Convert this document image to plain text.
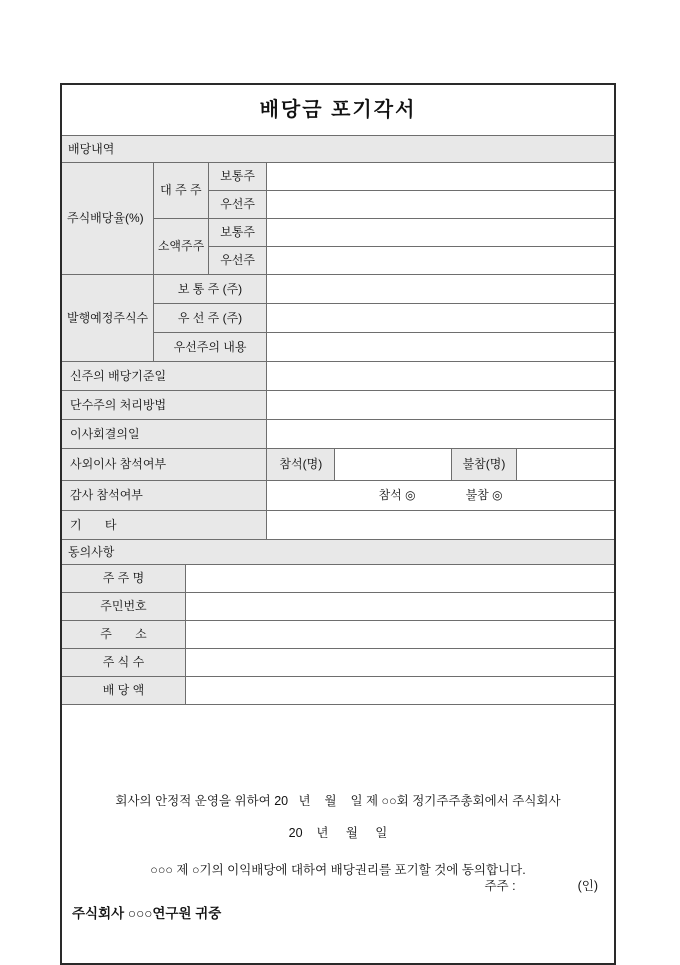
배당금 포기각서							
배당내역							
주식배당율(%)	대 주 주		보통주				
			우선주				
	소액주주		보통주				
			우선주				
발행예정주식수	보 통 주 (주)						
	우 선 주 (주)						
	우선주의 내용						
신주의 배당기준일							
단수주의 처리방법							
이사회결의일							
사외이사 참석여부				참석(명)		불참(명)	
감사 참석여부				참석 ◎ 불참 ◎			
기       타							
동의사항							
주 주 명							
주민번호							
주       소							
주 식 수							
배 당 액							

회사의 안정적 운영을 위하여 20   년    월    일 제 ○○회 정기주주총회에서 주식회사

○○○ 제 ○기의 이익배당에 대하여 배당권리를 포기할 것에 동의합니다.

20    년     월     일

주주 : (인)

주식회사 ○○○연구원 귀중							
